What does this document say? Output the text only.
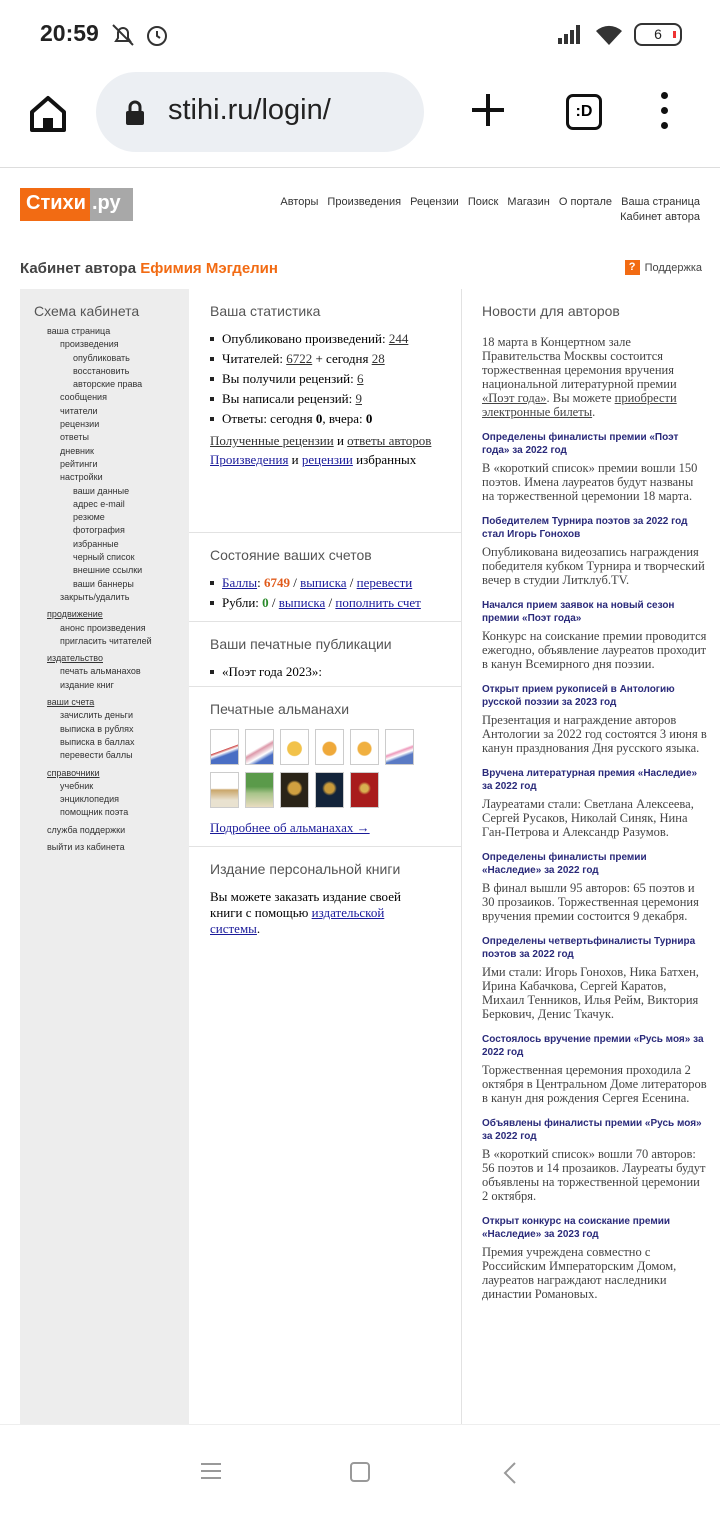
20:59	6
stihi.ru/login/	:D
Стихи .ру	Авторы Произведения Рецензии Поиск Магазин О портале Ваша страница
Кабинет автора
Кабинет автора Ефимия Мэгделин	? Поддержка
Схема кабинета
ваша страница
произведения
опубликовать
восстановить
авторские права
сообщения
читатели
рецензии
ответы
дневник
рейтинги
настройки
ваши данные
адрес e-mail
резюме
фотография
избранные
черный список
внешние ссылки
ваши баннеры
закрыть/удалить
продвижение
анонс произведения
пригласить читателей
издательство
печать альманахов
издание книг
ваши счета
зачислить деньги
выписка в рублях
выписка в баллах
перевести баллы
справочники
учебник
энциклопедия
помощник поэта
служба поддержки
выйти из кабинета
Ваша статистика
Опубликовано произведений: 244
Читателей: 6722 + сегодня 28
Вы получили рецензий: 6
Вы написали рецензий: 9
Ответы: сегодня 0, вчера: 0
Полученные рецензии и ответы авторов
Произведения и рецензии избранных
Состояние ваших счетов
Баллы: 6749 / выписка / перевести
Рубли: 0 / выписка / пополнить счет
Ваши печатные публикации
«Поэт года 2023»:
Печатные альманахи
Подробнее об альманахах →
Издание персональной книги
Вы можете заказать издание своей книги с помощью издательской системы.
Новости для авторов
18 марта в Концертном зале Правительства Москвы состоится торжественная церемония вручения национальной литературной премии «Поэт года». Вы можете приобрести электронные билеты.
Определены финалисты премии «Поэт года» за 2022 год
В «короткий список» премии вошли 150 поэтов. Имена лауреатов будут названы на торжественной церемонии 18 марта.
Победителем Турнира поэтов за 2022 год стал Игорь Гонохов
Опубликована видеозапись награждения победителя кубком Турнира и творческий вечер в студии Литклуб.TV.
Начался прием заявок на новый сезон премии «Поэт года»
Конкурс на соискание премии проводится ежегодно, объявление лауреатов проходит в канун Всемирного дня поэзии.
Открыт прием рукописей в Антологию русской поэзии за 2023 год
Презентация и награждение авторов Антологии за 2022 год состоятся 3 июня в канун празднования Дня русского языка.
Вручена литературная премия «Наследие» за 2022 год
Лауреатами стали: Светлана Алексеева, Сергей Русаков, Николай Синяк, Нина Ган-Петрова и Александр Разумов.
Определены финалисты премии «Наследие» за 2022 год
В финал вышли 95 авторов: 65 поэтов и 30 прозаиков. Торжественная церемония вручения премии состоится 9 декабря.
Определены четвертьфиналисты Турнира поэтов за 2022 год
Ими стали: Игорь Гонохов, Ника Батхен, Ирина Кабачкова, Сергей Каратов, Михаил Тенников, Илья Рейм, Виктория Беркович, Денис Ткачук.
Состоялось вручение премии «Русь моя» за 2022 год
Торжественная церемония проходила 2 октября в Центральном Доме литераторов в канун дня рождения Сергея Есенина.
Объявлены финалисты премии «Русь моя» за 2022 год
В «короткий список» вошли 70 авторов: 56 поэтов и 14 прозаиков. Лауреаты будут объявлены на торжественной церемонии 2 октября.
Открыт конкурс на соискание премии «Наследие» за 2023 год
Премия учреждена совместно с Российским Императорским Домом, лауреатов награждают наследники династии Романовых.
